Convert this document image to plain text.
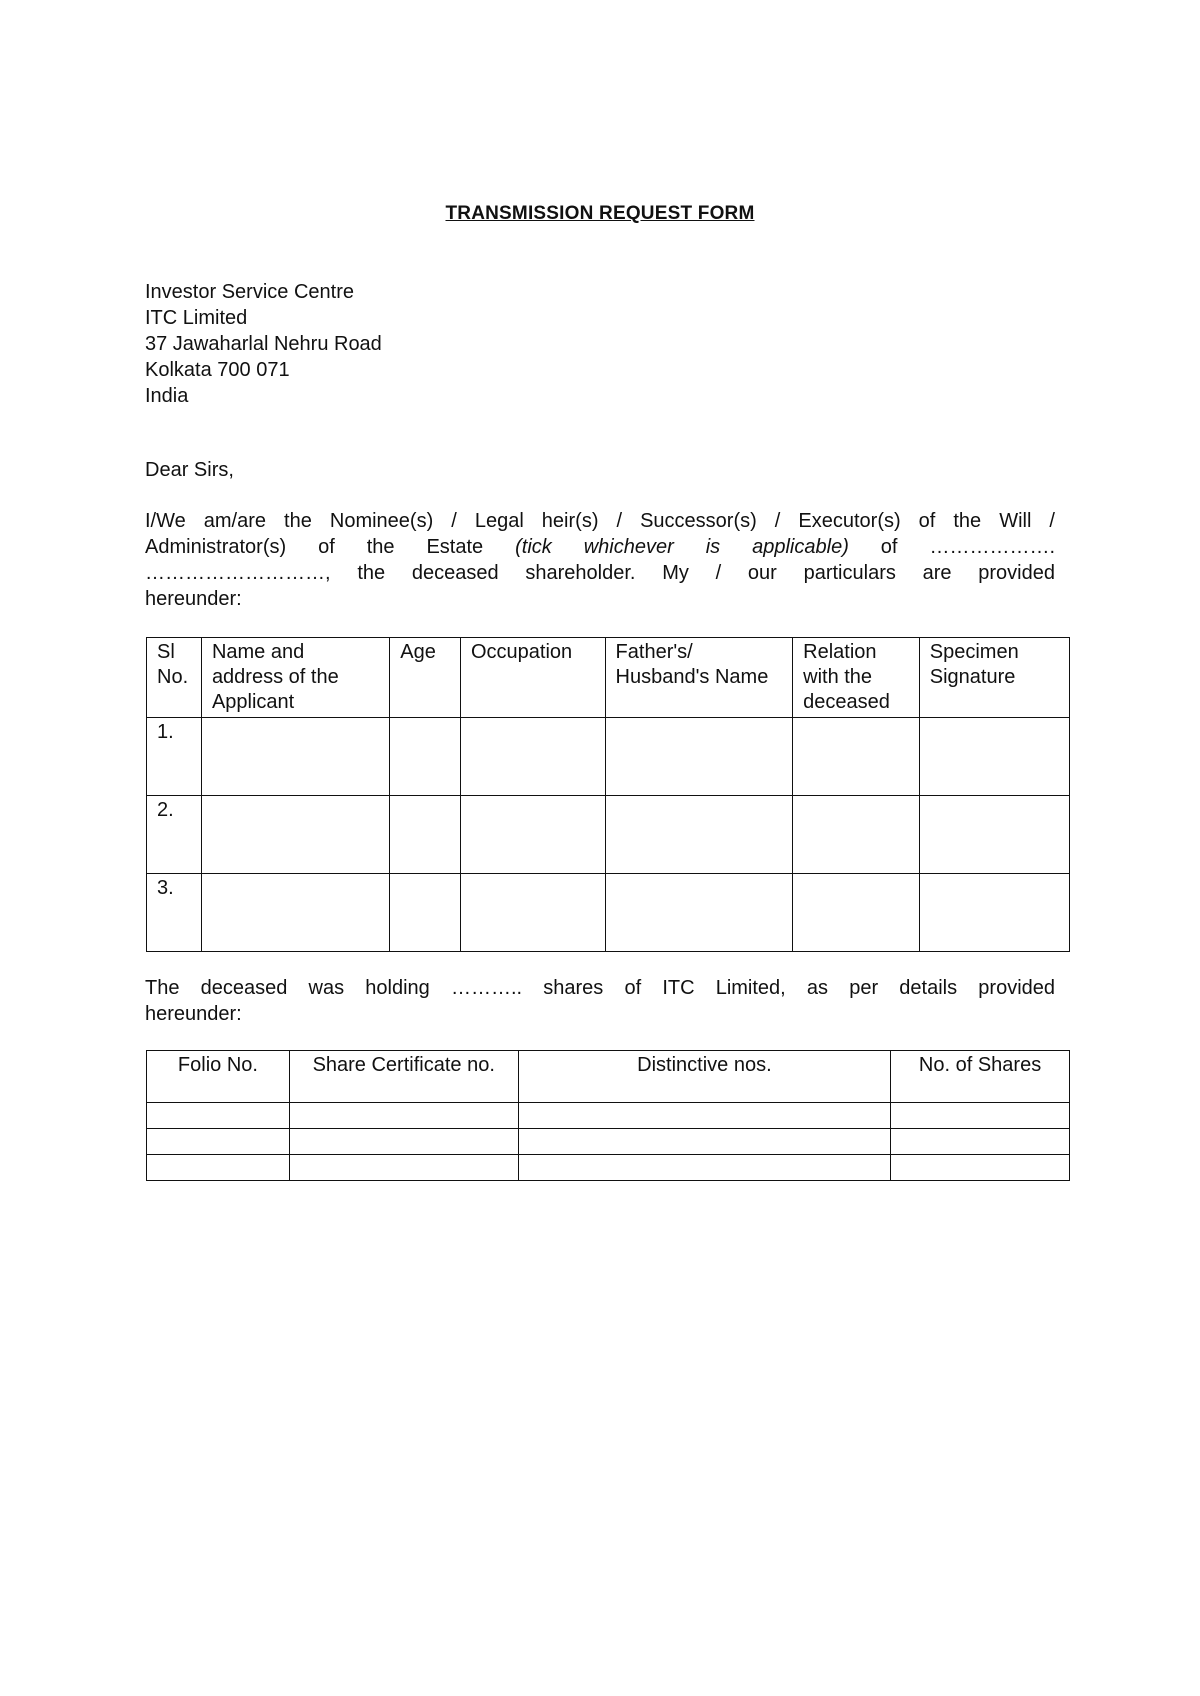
TRANSMISSION REQUEST FORM
Investor Service Centre
ITC Limited
37 Jawaharlal Nehru Road
Kolkata 700 071
India
Dear Sirs,
I/We am/are the Nominee(s) / Legal heir(s) / Successor(s) / Executor(s) of the Will /
Administrator(s) of the Estate (tick whichever is applicable) of ……………….
………………………, the deceased shareholder. My / our particulars are provided
hereunder:
Sl No.	Name and address of the Applicant	Age	Occupation	Father's/ Husband's Name	Relation with the deceased	Specimen Signature
1.						
2.						
3.						
The deceased was holding ……….. shares of ITC Limited, as per details provided
hereunder:
Folio No.	Share Certificate no.	Distinctive nos.	No. of Shares
